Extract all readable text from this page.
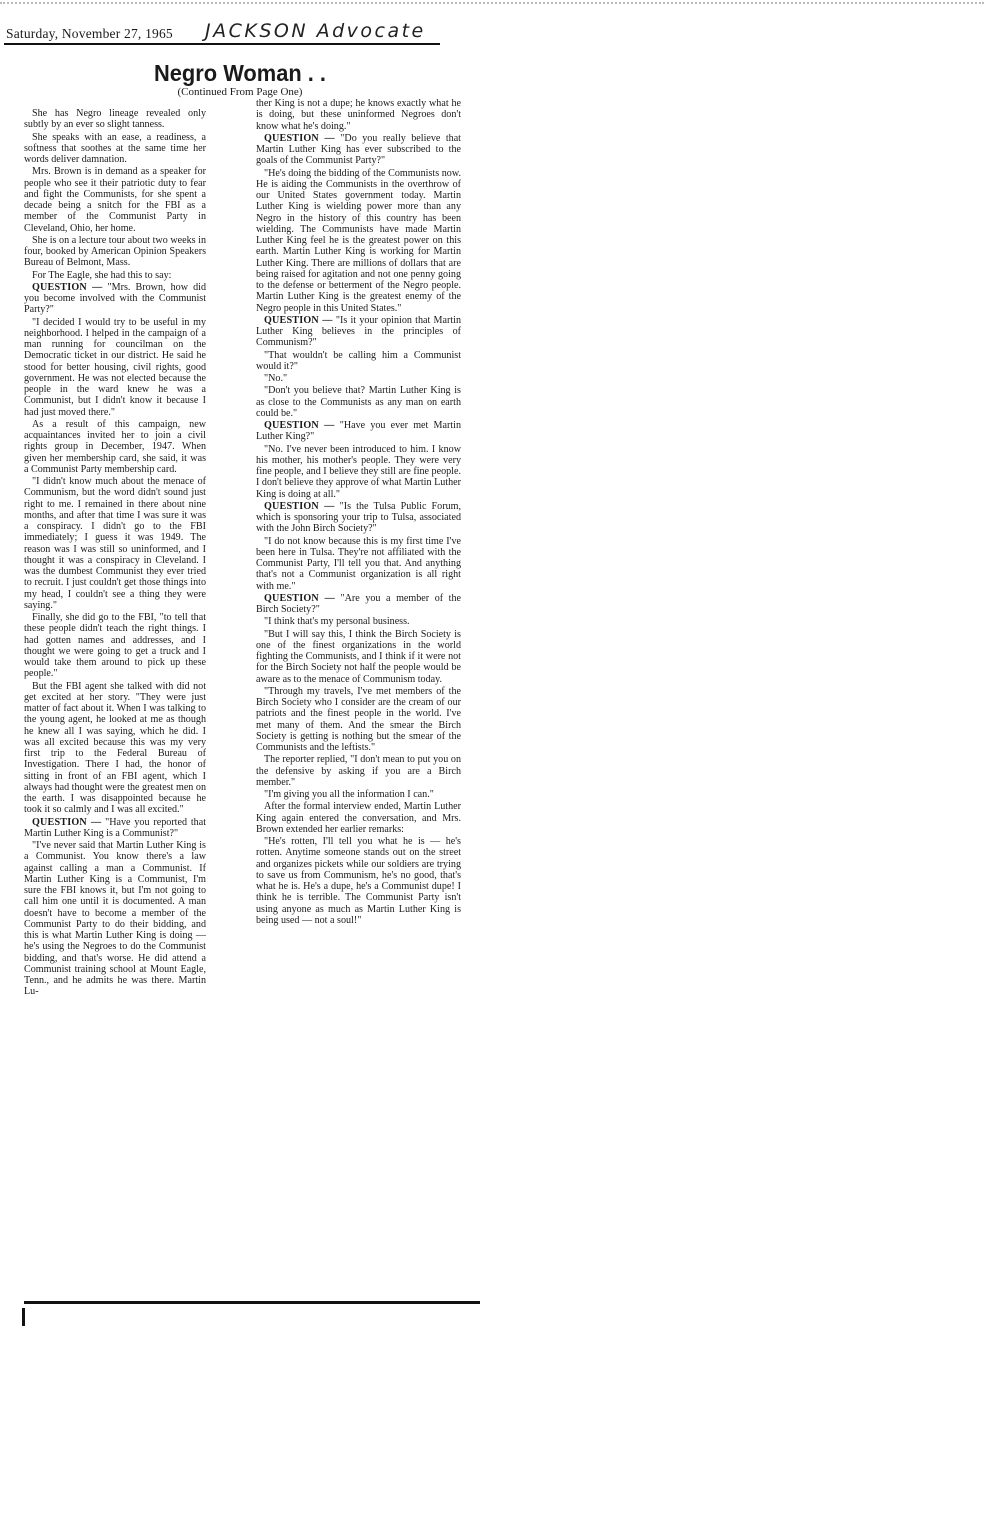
Saturday, November 27, 1965 JACKSON Advocate
Negro Woman . .
(Continued From Page One)

She has Negro lineage revealed only subtly by an ever so slight tanness.

She speaks with an ease, a readiness, a softness that soothes at the same time her words deliver damnation.

Mrs. Brown is in demand as a speaker for people who see it their patriotic duty to fear and fight the Communists, for she spent a decade being a snitch for the FBI as a member of the Communist Party in Cleveland, Ohio, her home.

She is on a lecture tour about two weeks in four, booked by American Opinion Speakers Bureau of Belmont, Mass.

For The Eagle, she had this to say:

QUESTION — "Mrs. Brown, how did you become involved with the Communist Party?"

"I decided I would try to be useful in my neighborhood. I helped in the campaign of a man running for councilman on the Democratic ticket in our district. He said he stood for better housing, civil rights, good government. He was not elected because the people in the ward knew he was a Communist, but I didn't know it because I had just moved there."

As a result of this campaign, new acquaintances invited her to join a civil rights group in December, 1947. When given her membership card, she said, it was a Communist Party membership card.

"I didn't know much about the menace of Communism, but the word didn't sound just right to me. I remained in there about nine months, and after that time I was sure it was a conspiracy. I didn't go to the FBI immediately; I guess it was 1949. The reason was I was still so uninformed, and I thought it was a conspiracy in Cleveland. I was the dumbest Communist they ever tried to recruit. I just couldn't get those things into my head, I couldn't see a thing they were saying."

Finally, she did go to the FBI, "to tell that these people didn't teach the right things. I had gotten names and addresses, and I thought we were going to get a truck and I would take them around to pick up these people."

But the FBI agent she talked with did not get excited at her story. "They were just matter of fact about it. When I was talking to the young agent, he looked at me as though he knew all I was saying, which he did. I was all excited because this was my very first trip to the Federal Bureau of Investigation. There I had, the honor of sitting in front of an FBI agent, which I always had thought were the greatest men on the earth. I was disappointed because he took it so calmly and I was all excited."

QUESTION — "Have you reported that Martin Luther King is a Communist?"

"I've never said that Martin Luther King is a Communist. You know there's a law against calling a man a Communist. If Martin Luther King is a Communist, I'm sure the FBI knows it, but I'm not going to call him one until it is documented. A man doesn't have to become a member of the Communist Party to do their bidding, and this is what Martin Luther King is doing — he's using the Negroes to do the Communist bidding, and that's worse. He did attend a Communist training school at Mount Eagle, Tenn., and he admits he was there. Martin Lu-

ther King is not a dupe; he knows exactly what he is doing, but these uninformed Negroes don't know what he's doing."

QUESTION — "Do you really believe that Martin Luther King has ever subscribed to the goals of the Communist Party?"

"He's doing the bidding of the Communists now. He is aiding the Communists in the overthrow of our United States government today. Martin Luther King is wielding power more than any Negro in the history of this country has been wielding. The Communists have made Martin Luther King feel he is the greatest power on this earth. Martin Luther King is working for Martin Luther King. There are millions of dollars that are being raised for agitation and not one penny going to the defense or betterment of the Negro people. Martin Luther King is the greatest enemy of the Negro people in this United States."

QUESTION — "Is it your opinion that Martin Luther King believes in the principles of Communism?"

"That wouldn't be calling him a Communist would it?"

"No."

"Don't you believe that? Martin Luther King is as close to the Communists as any man on earth could be."

QUESTION — "Have you ever met Martin Luther King?"

"No. I've never been introduced to him. I know his mother, his mother's people. They were very fine people, and I believe they still are fine people. I don't believe they approve of what Martin Luther King is doing at all."

QUESTION — "Is the Tulsa Public Forum, which is sponsoring your trip to Tulsa, associated with the John Birch Society?"

"I do not know because this is my first time I've been here in Tulsa. They're not affiliated with the Communist Party, I'll tell you that. And anything that's not a Communist organization is all right with me."

QUESTION — "Are you a member of the Birch Society?"

"I think that's my personal business.

"But I will say this, I think the Birch Society is one of the finest organizations in the world fighting the Communists, and I think if it were not for the Birch Society not half the people would be aware as to the menace of Communism today.

"Through my travels, I've met members of the Birch Society who I consider are the cream of our patriots and the finest people in the world. I've met many of them. And the smear the Birch Society is getting is nothing but the smear of the Communists and the leftists."

The reporter replied, "I don't mean to put you on the defensive by asking if you are a Birch member."

"I'm giving you all the information I can."

After the formal interview ended, Martin Luther King again entered the conversation, and Mrs. Brown extended her earlier remarks:

"He's rotten, I'll tell you what he is — he's rotten. Anytime someone stands out on the street and organizes pickets while our soldiers are trying to save us from Communism, he's no good, that's what he is. He's a dupe, he's a Communist dupe! I think he is terrible. The Communist Party isn't using anyone as much as Martin Luther King is being used — not a soul!"
